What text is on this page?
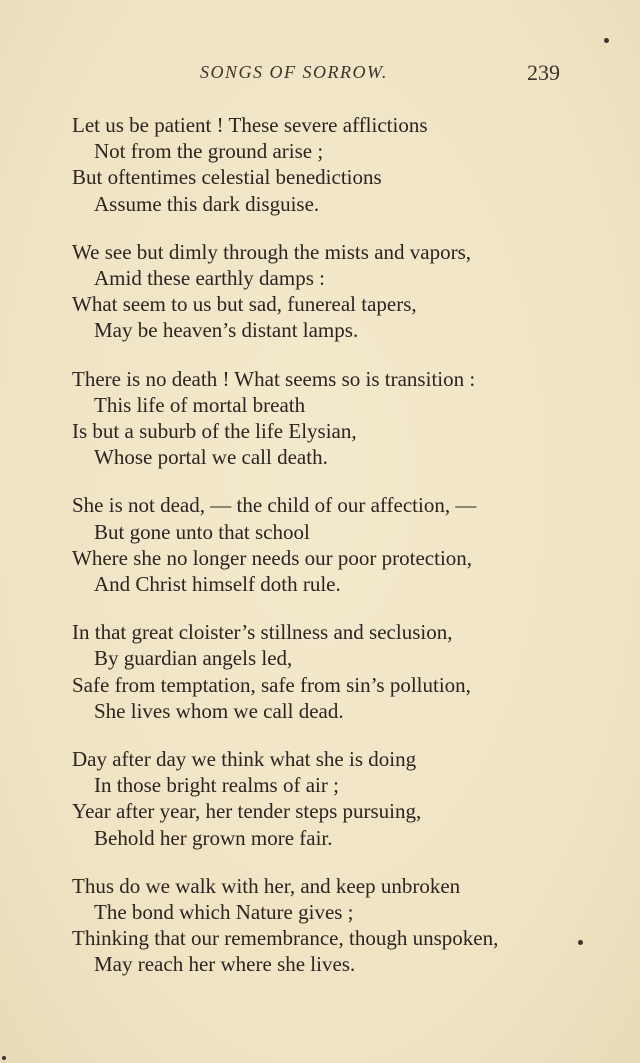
SONGS OF SORROW.	239
Let us be patient ! These severe afflictions
Not from the ground arise ;
But oftentimes celestial benedictions
Assume this dark disguise.
We see but dimly through the mists and vapors,
Amid these earthly damps :
What seem to us but sad, funereal tapers,
May be heaven’s distant lamps.
There is no death ! What seems so is transition :
This life of mortal breath
Is but a suburb of the life Elysian,
Whose portal we call death.
She is not dead, — the child of our affection, —
But gone unto that school
Where she no longer needs our poor protection,
And Christ himself doth rule.
In that great cloister’s stillness and seclusion,
By guardian angels led,
Safe from temptation, safe from sin’s pollution,
She lives whom we call dead.
Day after day we think what she is doing
In those bright realms of air ;
Year after year, her tender steps pursuing,
Behold her grown more fair.
Thus do we walk with her, and keep unbroken
The bond which Nature gives ;
Thinking that our remembrance, though unspoken,
May reach her where she lives.
